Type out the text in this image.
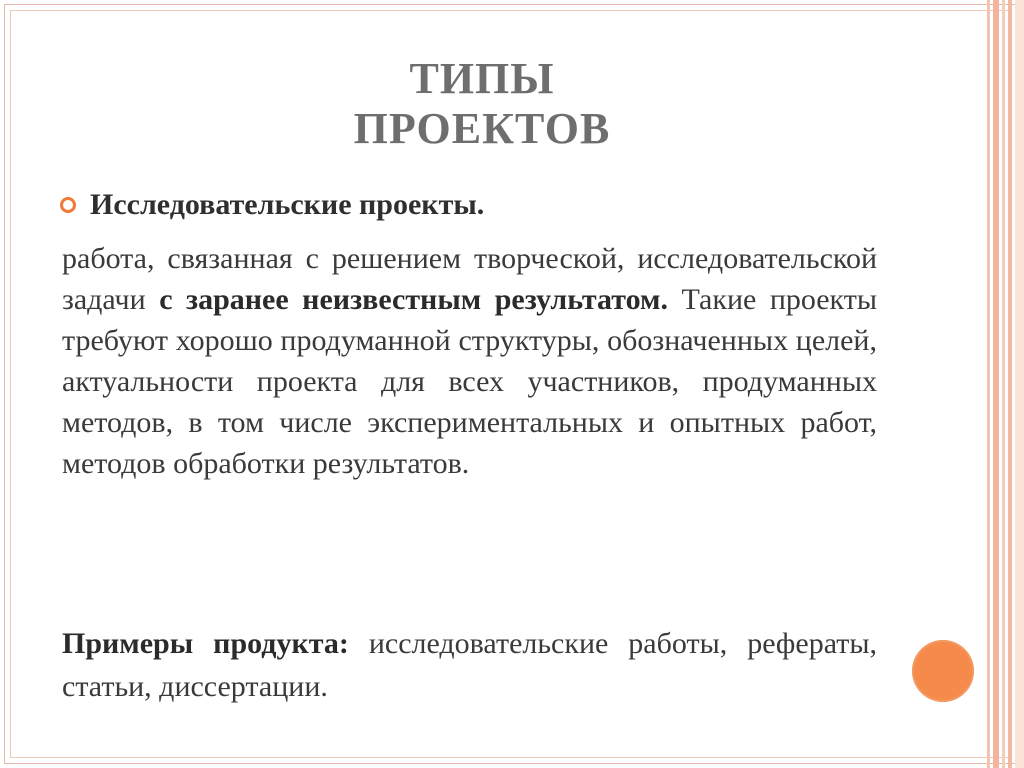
ТИПЫ
ПРОЕКТОВ
Исследовательские проекты.
работа, связанная с решением творческой, исследовательской задачи с заранее неизвестным результатом. Такие проекты требуют хорошо продуманной структуры, обозначенных целей, актуальности проекта для всех участников, продуманных методов, в том числе экспериментальных и опытных работ, методов обработки результатов.
Примеры продукта: исследовательские работы, рефераты, статьи, диссертации.
